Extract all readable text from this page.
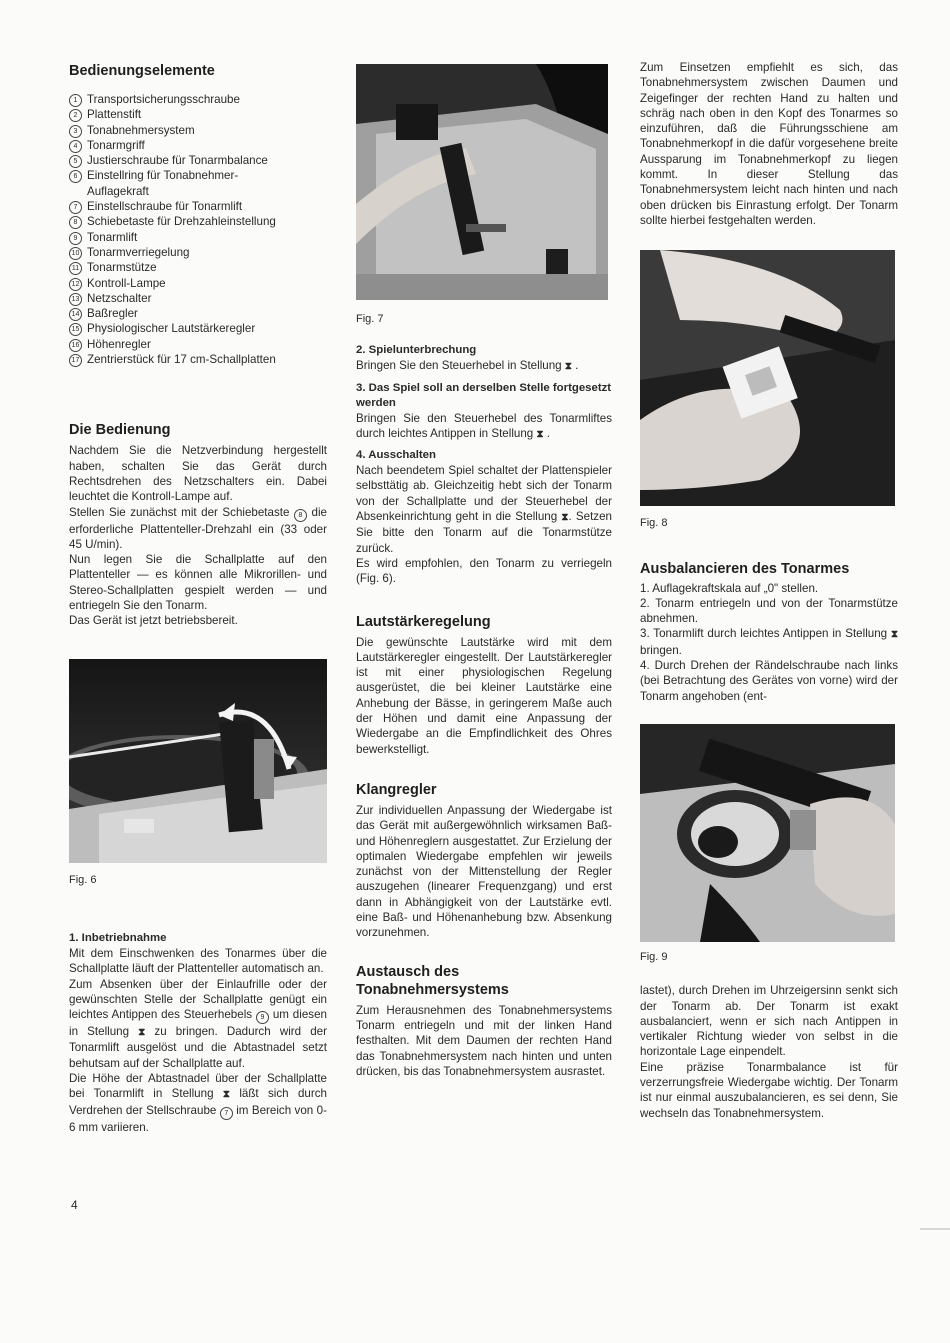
Bedienungselemente
1 Transportsicherungsschraube
2 Plattenstift
3 Tonabnehmersystem
4 Tonarmgriff
5 Justierschraube für Tonarmbalance
6 Einstellring für Tonabnehmer-Auflagekraft
7 Einstellschraube für Tonarmlift
8 Schiebetaste für Drehzahleinstellung
9 Tonarmlift
10 Tonarmverriegelung
11 Tonarmstütze
12 Kontroll-Lampe
13 Netzschalter
14 Baßregler
15 Physiologischer Lautstärkeregler
16 Höhenregler
17 Zentrierstück für 17 cm-Schallplatten
Die Bedienung

Nachdem Sie die Netzverbindung hergestellt haben, schalten Sie das Gerät durch Rechtsdrehen des Netzschalters ein. Dabei leuchtet die Kontroll-Lampe auf.

Stellen Sie zunächst mit der Schiebetaste 8 die erforderliche Plattenteller-Drehzahl ein (33 oder 45 U/min).

Nun legen Sie die Schallplatte auf den Plattenteller — es können alle Mikrorillen- und Stereo-Schallplatten gespielt werden — und entriegeln Sie den Tonarm.

Das Gerät ist jetzt betriebsbereit.

Fig. 6
1. Inbetriebnahme

Mit dem Einschwenken des Tonarmes über die Schallplatte läuft der Plattenteller automatisch an.

Zum Absenken über der Einlaufrille oder der gewünschten Stelle der Schallplatte genügt ein leichtes Antippen des Steuerhebels 9 um diesen in Stellung ⧗ zu bringen. Dadurch wird der Tonarmlift ausgelöst und die Abtastnadel setzt behutsam auf der Schallplatte auf.

Die Höhe der Abtastnadel über der Schallplatte bei Tonarmlift in Stellung ⧗ läßt sich durch Verdrehen der Stellschraube 7 im Bereich von 0-6 mm variieren.

Fig. 7
2. Spielunterbrechung

Bringen Sie den Steuerhebel in Stellung ⧗ .

3. Das Spiel soll an derselben Stelle fortgesetzt werden

Bringen Sie den Steuerhebel des Tonarmliftes durch leichtes Antippen in Stellung ⧗ .

4. Ausschalten

Nach beendetem Spiel schaltet der Plattenspieler selbsttätig ab. Gleichzeitig hebt sich der Tonarm von der Schallplatte und der Steuerhebel der Absenkeinrichtung geht in die Stellung ⧗. Setzen Sie bitte den Tonarm auf die Tonarmstütze zurück.

Es wird empfohlen, den Tonarm zu verriegeln (Fig. 6).

Lautstärkeregelung

Die gewünschte Lautstärke wird mit dem Lautstärkeregler eingestellt. Der Lautstärkeregler ist mit einer physiologischen Regelung ausgerüstet, die bei kleiner Lautstärke eine Anhebung der Bässe, in geringerem Maße auch der Höhen und damit eine Anpassung der Wiedergabe an die Empfindlichkeit des Ohres bewerkstelligt.

Klangregler

Zur individuellen Anpassung der Wiedergabe ist das Gerät mit außergewöhnlich wirksamen Baß- und Höhenreglern ausgestattet. Zur Erzielung der optimalen Wiedergabe empfehlen wir jeweils zunächst von der Mittenstellung der Regler auszugehen (linearer Frequenzgang) und erst dann in Abhängigkeit von der Lautstärke evtl. eine Baß- und Höhenanhebung bzw. Absenkung vorzunehmen.

Austausch des Tonabnehmersystems

Zum Herausnehmen des Tonabnehmersystems Tonarm entriegeln und mit der linken Hand festhalten. Mit dem Daumen der rechten Hand das Tonabnehmersystem nach hinten und unten drücken, bis das Tonabnehmersystem ausrastet.

Zum Einsetzen empfiehlt es sich, das Tonabnehmersystem zwischen Daumen und Zeigefinger der rechten Hand zu halten und schräg nach oben in den Kopf des Tonarmes so einzuführen, daß die Führungsschiene am Tonabnehmerkopf in die dafür vorgesehene breite Aussparung im Tonabnehmerkopf zu liegen kommt. In dieser Stellung das Tonabnehmersystem leicht nach hinten und nach oben drücken bis Einrastung erfolgt. Der Tonarm sollte hierbei festgehalten werden.

Fig. 8
Ausbalancieren des Tonarmes

1. Auflagekraftskala auf „0" stellen.

2. Tonarm entriegeln und von der Tonarmstütze abnehmen.

3. Tonarmlift durch leichtes Antippen in Stellung ⧗ bringen.

4. Durch Drehen der Rändelschraube nach links (bei Betrachtung des Gerätes von vorne) wird der Tonarm angehoben (ent-

Fig. 9

lastet), durch Drehen im Uhrzeigersinn senkt sich der Tonarm ab. Der Tonarm ist exakt ausbalanciert, wenn er sich nach Antippen in vertikaler Richtung wieder von selbst in die horizontale Lage einpendelt.

Eine präzise Tonarmbalance ist für verzerrungsfreie Wiedergabe wichtig. Der Tonarm ist nur einmal auszubalancieren, es sei denn, Sie wechseln das Tonabnehmersystem.

4
